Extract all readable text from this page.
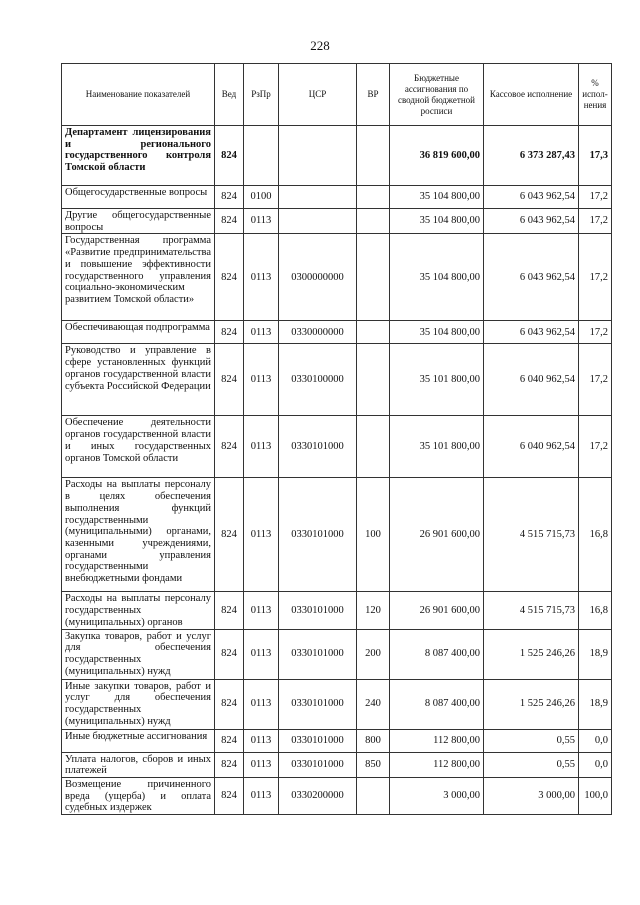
228
Наименование показателей	Вед	РзПр	ЦСР	ВР	Бюджетные ассигнования по сводной бюджетной росписи	Кассовое исполнение	% испол-нения
Департамент лицензирования и регионального государственного контроля Томской области	824				36 819 600,00	6 373 287,43	17,3
Общегосударственные вопросы	824	0100			35 104 800,00	6 043 962,54	17,2
Другие общегосударственные вопросы	824	0113			35 104 800,00	6 043 962,54	17,2
Государственная программа «Развитие предпринимательства и повышение эффективности государственного управления социально-экономическим развитием Томской области»	824	0113	0300000000		35 104 800,00	6 043 962,54	17,2
Обеспечивающая подпрограмма	824	0113	0330000000		35 104 800,00	6 043 962,54	17,2
Руководство и управление в сфере установленных функций органов государственной власти субъекта Российской Федерации	824	0113	0330100000		35 101 800,00	6 040 962,54	17,2
Обеспечение деятельности органов государственной власти и иных государственных органов Томской области	824	0113	0330101000		35 101 800,00	6 040 962,54	17,2
Расходы на выплаты персоналу в целях обеспечения выполнения функций государственными (муниципальными) органами, казенными учреждениями, органами управления государственными внебюджетными фондами	824	0113	0330101000	100	26 901 600,00	4 515 715,73	16,8
Расходы на выплаты персоналу государственных (муниципальных) органов	824	0113	0330101000	120	26 901 600,00	4 515 715,73	16,8
Закупка товаров, работ и услуг для обеспечения государственных (муниципальных) нужд	824	0113	0330101000	200	8 087 400,00	1 525 246,26	18,9
Иные закупки товаров, работ и услуг для обеспечения государственных (муниципальных) нужд	824	0113	0330101000	240	8 087 400,00	1 525 246,26	18,9
Иные бюджетные ассигнования	824	0113	0330101000	800	112 800,00	0,55	0,0
Уплата налогов, сборов и иных платежей	824	0113	0330101000	850	112 800,00	0,55	0,0
Возмещение причиненного вреда (ущерба) и оплата судебных издержек	824	0113	0330200000		3 000,00	3 000,00	100,0
